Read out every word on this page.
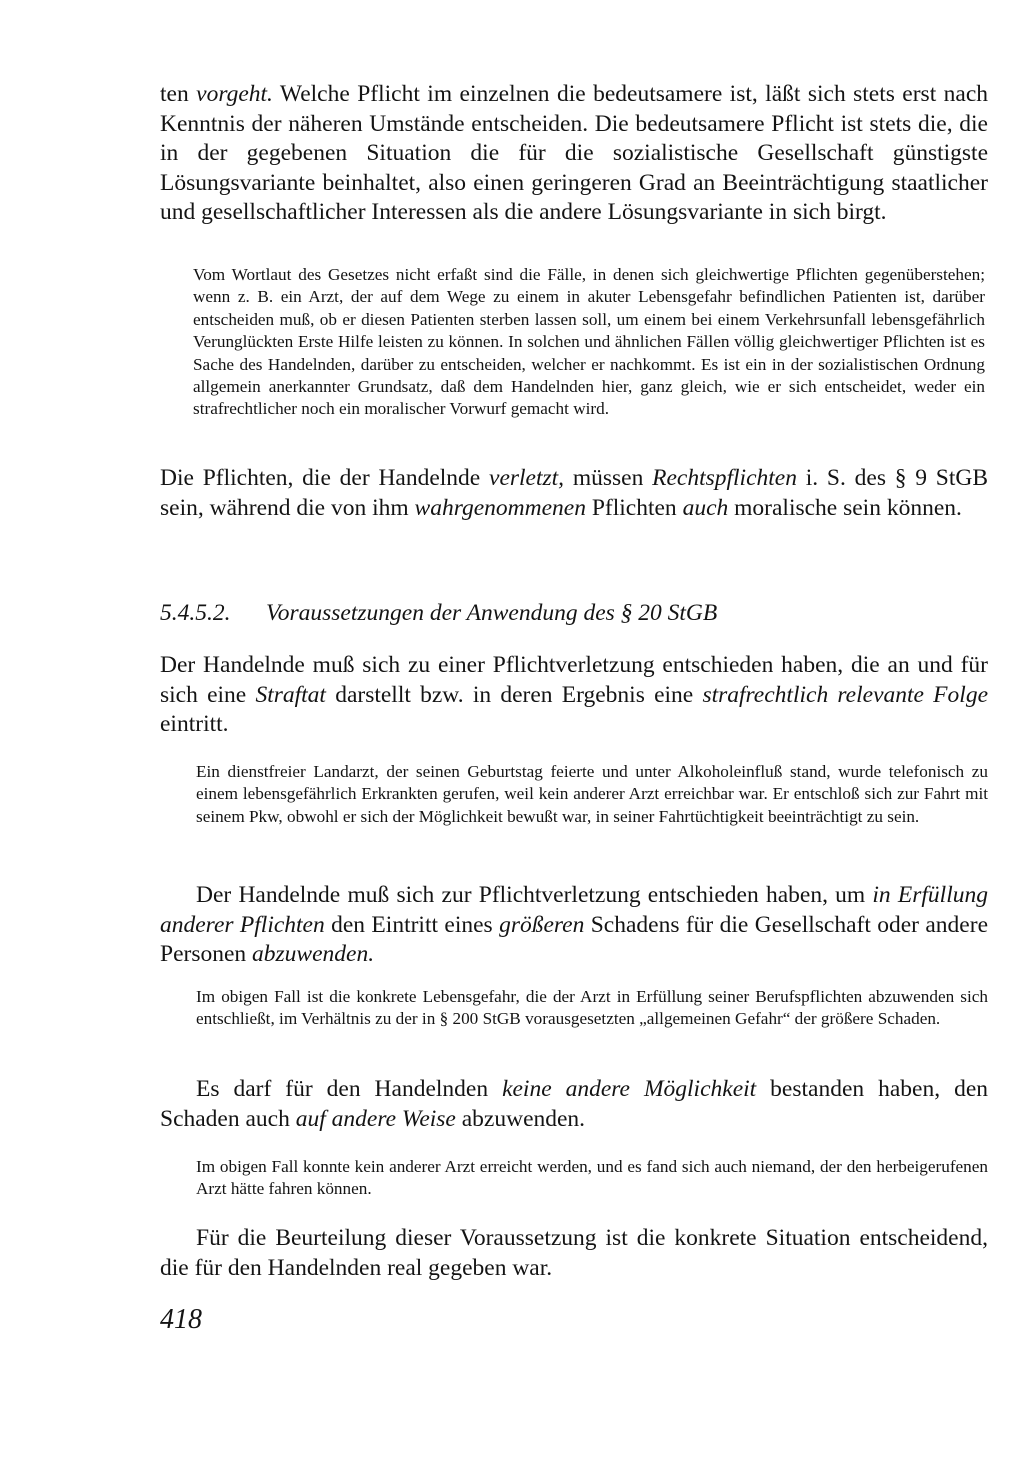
ten vorgeht. Welche Pflicht im einzelnen die bedeutsamere ist, läßt sich stets erst nach Kenntnis der näheren Umstände entscheiden. Die bedeutsamere Pflicht ist stets die, die in der gegebenen Situation die für die sozialistische Gesellschaft günstigste Lösungsvariante beinhaltet, also einen geringeren Grad an Beeinträchtigung staatlicher und gesellschaftlicher Interessen als die andere Lösungsvariante in sich birgt.

Vom Wortlaut des Gesetzes nicht erfaßt sind die Fälle, in denen sich gleichwertige Pflichten gegenüberstehen; wenn z. B. ein Arzt, der auf dem Wege zu einem in akuter Lebensgefahr befindlichen Patienten ist, darüber entscheiden muß, ob er diesen Patienten sterben lassen soll, um einem bei einem Verkehrsunfall lebensgefährlich Verunglückten Erste Hilfe leisten zu können. In solchen und ähnlichen Fällen völlig gleichwertiger Pflichten ist es Sache des Handelnden, darüber zu entscheiden, welcher er nachkommt. Es ist ein in der sozialistischen Ordnung allgemein anerkannter Grundsatz, daß dem Handelnden hier, ganz gleich, wie er sich entscheidet, weder ein strafrechtlicher noch ein moralischer Vorwurf gemacht wird.

Die Pflichten, die der Handelnde verletzt, müssen Rechtspflichten i. S. des § 9 StGB sein, während die von ihm wahrgenommenen Pflichten auch moralische sein können.

5.4.5.2. Voraussetzungen der Anwendung des § 20 StGB

Der Handelnde muß sich zu einer Pflichtverletzung entschieden haben, die an und für sich eine Straftat darstellt bzw. in deren Ergebnis eine strafrechtlich relevante Folge eintritt.

Ein dienstfreier Landarzt, der seinen Geburtstag feierte und unter Alkoholeinfluß stand, wurde telefonisch zu einem lebensgefährlich Erkrankten gerufen, weil kein anderer Arzt erreichbar war. Er entschloß sich zur Fahrt mit seinem Pkw, obwohl er sich der Möglichkeit bewußt war, in seiner Fahrtüchtigkeit beeinträchtigt zu sein.

Der Handelnde muß sich zur Pflichtverletzung entschieden haben, um in Erfüllung anderer Pflichten den Eintritt eines größeren Schadens für die Gesellschaft oder andere Personen abzuwenden.

Im obigen Fall ist die konkrete Lebensgefahr, die der Arzt in Erfüllung seiner Berufspflichten abzuwenden sich entschließt, im Verhältnis zu der in § 200 StGB vorausgesetzten „allgemeinen Gefahr“ der größere Schaden.

Es darf für den Handelnden keine andere Möglichkeit bestanden haben, den Schaden auch auf andere Weise abzuwenden.

Im obigen Fall konnte kein anderer Arzt erreicht werden, und es fand sich auch niemand, der den herbeigerufenen Arzt hätte fahren können.

Für die Beurteilung dieser Voraussetzung ist die konkrete Situation entscheidend, die für den Handelnden real gegeben war.

418
